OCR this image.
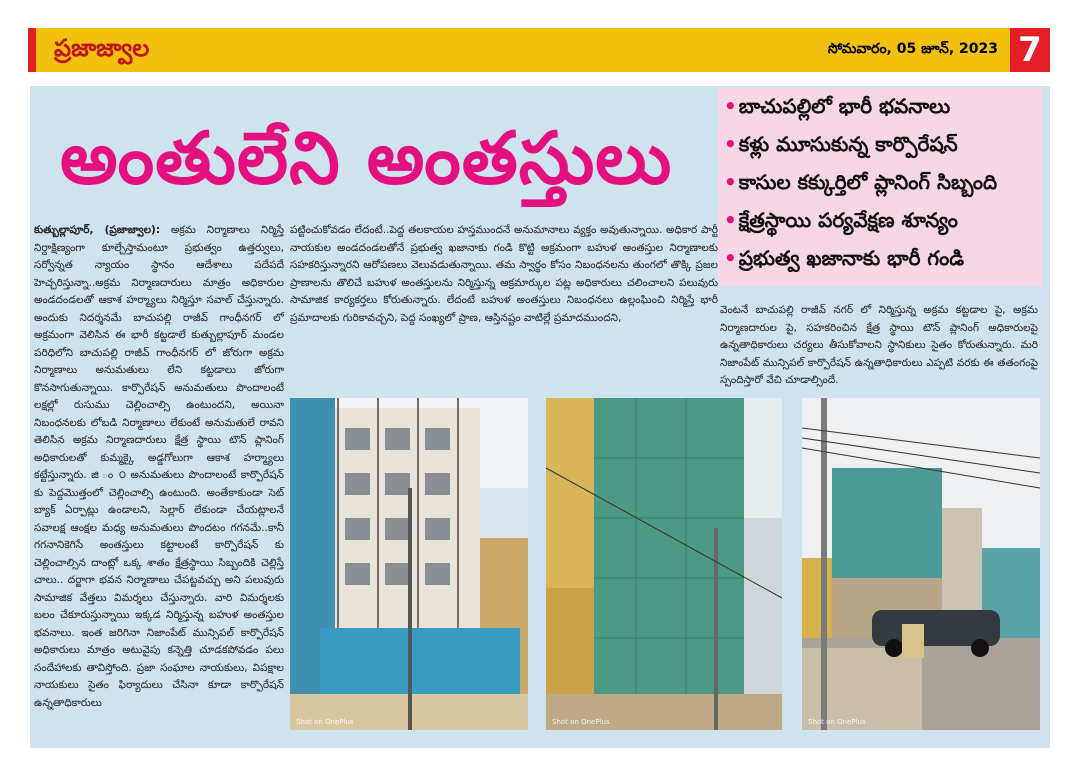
ప్రజాజ్వాల	సోమవారం, 05 జూన్, 2023 7
అంతులేని అంతస్తులు
• బాచుపల్లిలో భారీ భవనాలు
• కళ్లు మూసుకున్న కార్పొరేషన్
• కాసుల కక్కుర్తిలో ప్లానింగ్ సిబ్బంది
• క్షేత్రస్థాయి పర్యవేక్షణ శూన్యం
• ప్రభుత్వ ఖజానాకు భారీ గండి

కుత్బుల్లాపూర్, (ప్రజాజ్వాల): అక్రమ నిర్మాణాలు నిర్మిస్తే నిర్దాక్షిణ్యంగా కూల్చేస్తామంటూ ప్రభుత్వం ఉత్తర్వులు, సర్వోన్నత న్యాయం స్థానం ఆదేశాలు పదేపదే హెచ్చరిస్తున్నా..అక్రమ నిర్మాణదారులు మాత్రం అధికారుల అండదండలతో ఆకాశ హర్మ్యాలు నిర్మిస్తూ సవాల్ చేస్తున్నారు. అందుకు నిదర్శనమే బాచుపల్లి రాజీవ్ గాంధీనగర్ లో అక్రమంగా వెలిసిన ఈ భారీ కట్టడాలే కుత్బుల్లాపూర్ మండల పరిధిలోని బాచుపల్లి రాజీవ్ గాంధీనగర్ లో జోరుగా అక్రమ నిర్మాణాలు అనుమతులు లేని కట్టడాలు జోరుగా కొనసాగుతున్నాయి. కార్పొరేషన్ అనుమతులు పొందాలంటే లక్షల్లో రుసుము చెల్లించాల్సి ఉంటుందని, అయినా నిబంధనలకు లోబడి నిర్మాణాలు లేకుంటే అనుమతులే రావని తెలిసిన అక్రమ నిర్మాణదారులు క్షేత్ర స్థాయి టౌన్ ప్లానింగ్ అధికారులతో కుమ్మక్కై అడ్డగోలుగా ఆకాశ హర్మ్యాలు కట్టేస్తున్నారు. జి ం ౦ అనుమతులు పొందాలంటే కార్పొరేషన్ కు పెద్దమొత్తంలో చెల్లించాల్సి ఉంటుంది. అంతేకాకుండా సెట్ బ్యాక్ ఏర్పాట్లు ఉండాలని, సెల్లార్ లేకుండా చేయట్లాలనే సవాలక్ష ఆంక్షల మధ్య అనుమతులు పొందటం గగనమే..కానీ గగనానికెగిసే అంతస్తులు కట్టాలంటే కార్పొరేషన్ కు చెల్లించాల్సిన దాంట్లో ఒక్క శాతం క్షేత్రస్థాయి సిబ్బందికి చెల్లిస్తే చాలు.. దర్జాగా భవన నిర్మాణాలు చేపట్టవచ్చు అని పలువురు సామాజిక వేత్తలు విమర్శలు చేస్తున్నారు. వారి విమర్శలకు బలం చేకూరుస్తున్నాయి ఇక్కడ నిర్మిస్తున్న బహుళ అంతస్తుల భవనాలు. ఇంత జరిగినా నిజాంపేట్ మున్సిపల్ కార్పొరేషన్ అధికారులు మాత్రం అటువైపు కన్నెత్తి చూడకపోవడం పలు సందేహాలకు తావిస్తోంది. ప్రజా సంఘాల నాయకులు, విపక్షాల నాయకులు సైతం ఫిర్యాదులు చేసినా కూడా కార్పొరేషన్ ఉన్నతాధికారులు

పట్టించుకోవడం లేదంటే..పెద్ద తలకాయల హస్తముందనే అనుమానాలు వ్యక్తం అవుతున్నాయి. అధికార పార్టీ నాయకుల అండదండలతోనే ప్రభుత్వ ఖజానాకు గండి కొట్టి అక్రమంగా బహుళ అంతస్తుల నిర్మాణాలకు సహకరిస్తున్నారని ఆరోపణలు వెలువడుతున్నాయి. తమ స్వార్థం కోసం నిబంధనలను తుంగలో తొక్కి ప్రజల ప్రాణాలను తొలిచే బహుళ అంతస్తులను నిర్మిస్తున్న అక్రమార్కుల పట్ల అధికారులు చలించాలని పలువురు సామాజిక కార్యకర్తలు కోరుతున్నారు. లేదంటే బహుళ అంతస్తులు నిబంధనలు ఉల్లంఘించి నిర్మిస్తే భారీ ప్రమాదాలకు గురికావచ్చని, పెద్ద సంఖ్యలో ప్రాణ, ఆస్తినష్టం వాటిల్లే ప్రమాదముందని,

వెంటనే బాచుపల్లి రాజీవ్ నగర్ లో నిర్మిస్తున్న అక్రమ కట్టడాల పై, అక్రమ నిర్మాణదారుల పై, సహకరించిన క్షేత్ర స్థాయి టౌన్ ప్లానింగ్ అధికారులపై ఉన్నతాధికారులు చర్యలు తీసుకోవాలని స్థానికులు సైతం కోరుతున్నారు. మరి నిజాంపేట్ మున్సిపల్ కార్పొరేషన్ ఉన్నతాధికారులు ఎప్పటి వరకు ఈ తతంగంపై స్పందిస్తారో వేచి చూడాల్సిందే.

Shot on OnePlus	Shot on OnePlus	Shot on OnePlus
